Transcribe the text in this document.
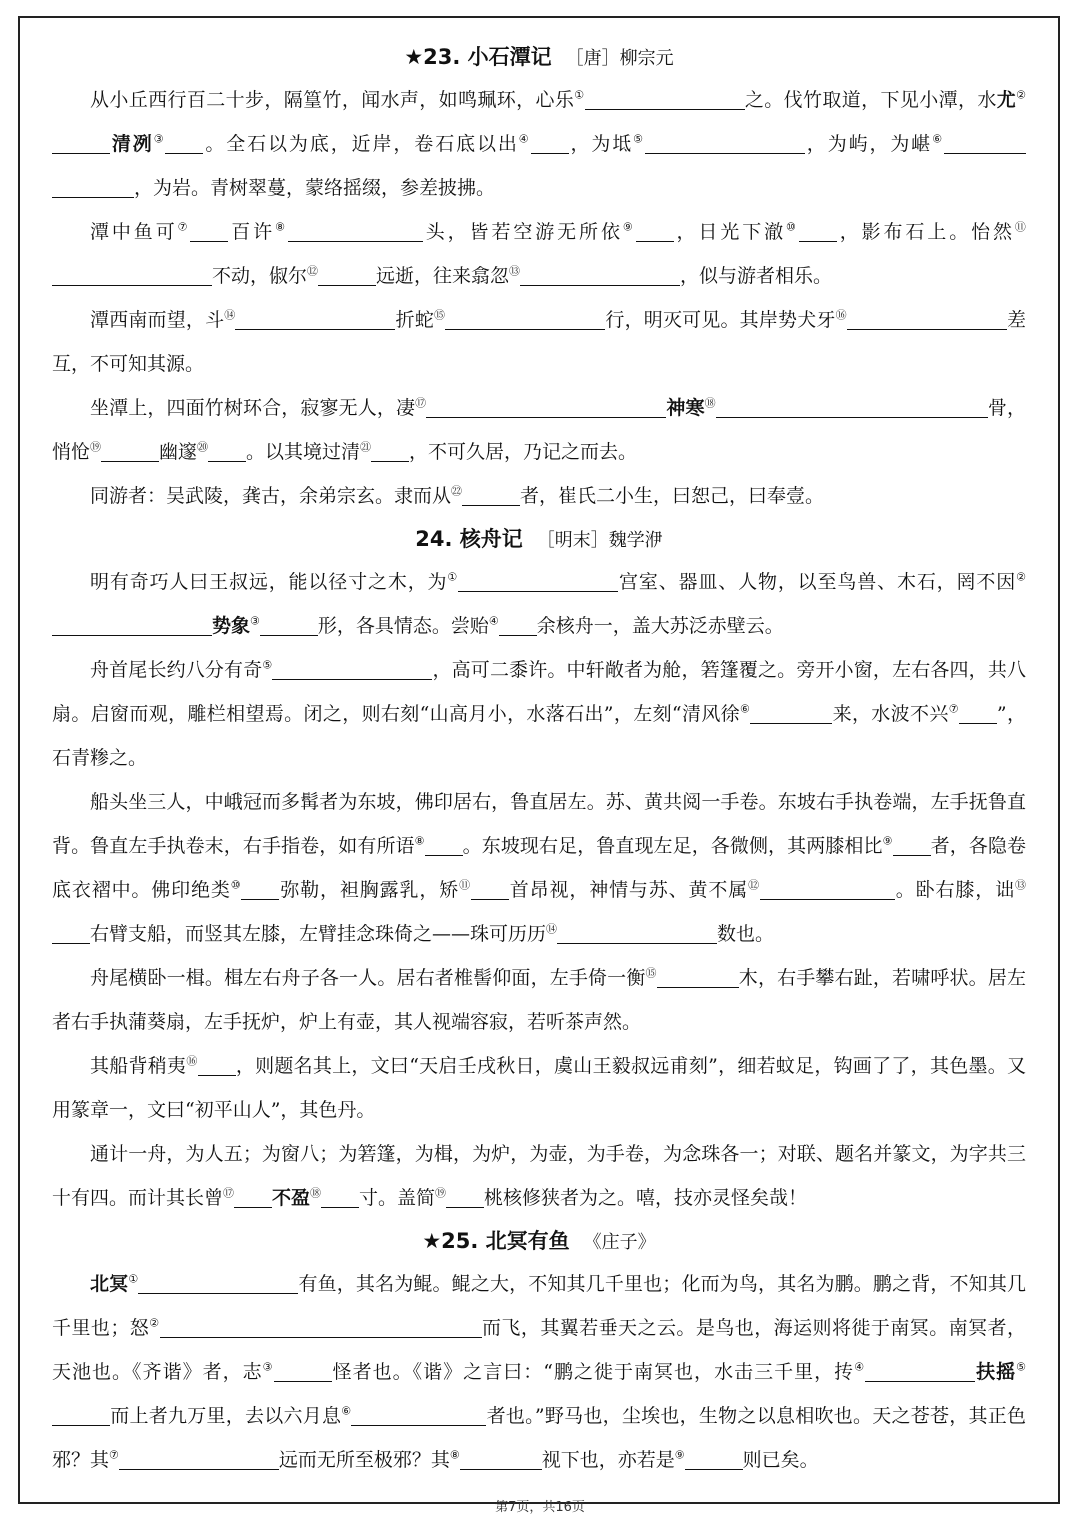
★23. 小石潭记 ［唐］柳宗元

从小丘西行百二十步，隔篁竹，闻水声，如鸣珮环，心乐①	之。伐竹取道，下见小潭，水尤②清冽③ 。全石以为底，近岸，卷石底以出④ ，为坻⑤	，为屿，为嵁⑥，为岩。青树翠蔓，蒙络摇缀，参差披拂。

潭中鱼可⑦ 百许⑧	头，皆若空游无所依⑨ ，日光下澈⑩ ，影布石上。怡然⑪不动，俶尔⑫	远逝，往来翕忽⑬	，似与游者相乐。

潭西南而望，斗⑭	折蛇⑮	行，明灭可见。其岸势犬牙⑯	差互，不可知其源。

坐潭上，四面竹树环合，寂寥无人，凄⑰	神寒⑱	骨，悄怆⑲	幽邃⑳ 。以其境过清$^㉑$ ，不可久居，乃记之而去。

同游者：吴武陵，龚古，余弟宗玄。隶而从$^㉒$	者，崔氏二小生，曰恕己，曰奉壹。

24. 核舟记 ［明末］魏学洢

明有奇巧人曰王叔远，能以径寸之木，为①	宫室、器皿、人物，以至鸟兽、木石，罔不因②势象③	形，各具情态。尝贻④ 余核舟一，盖大苏泛赤壁云。

舟首尾长约八分有奇⑤	，高可二黍许。中轩敞者为舱，箬篷覆之。旁开小窗，左右各四，共八扇。启窗而观，雕栏相望焉。闭之，则右刻“山高月小，水落石出”，左刻“清风徐⑥	来，水波不兴⑦ ”，石青糁之。

船头坐三人，中峨冠而多髯者为东坡，佛印居右，鲁直居左。苏、黄共阅一手卷。东坡右手执卷端，左手抚鲁直背。鲁直左手执卷末，右手指卷，如有所语⑧ 。东坡现右足，鲁直现左足，各微侧，其两膝相比⑨ 者，各隐卷底衣褶中。佛印绝类⑩ 弥勒，袒胸露乳，矫⑪ 首昂视，神情与苏、黄不属⑫	。卧右膝，诎⑬右臂支船，而竖其左膝，左臂挂念珠倚之——珠可历历⑭	数也。

舟尾横卧一楫。楫左右舟子各一人。居右者椎髻仰面，左手倚一衡⑮	木，右手攀右趾，若啸呼状。居左者右手执蒲葵扇，左手抚炉，炉上有壶，其人视端容寂，若听茶声然。

其船背稍夷⑯ ，则题名其上，文曰“天启壬戌秋日，虞山王毅叔远甫刻”，细若蚊足，钩画了了，其色墨。又用篆章一，文曰“初平山人”，其色丹。

通计一舟，为人五；为窗八；为箬篷，为楫，为炉，为壶，为手卷，为念珠各一；对联、题名并篆文，为字共三十有四。而计其长曾⑰ 不盈⑱ 寸。盖简⑲ 桃核修狭者为之。嘻，技亦灵怪矣哉！

★25. 北冥有鱼 《庄子》

北冥①	有鱼，其名为鲲。鲲之大，不知其几千里也；化而为鸟，其名为鹏。鹏之背，不知其几千里也；怒②	而飞，其翼若垂天之云。是鸟也，海运则将徙于南冥。南冥者，天池也。《齐谐》者，志③	怪者也。《谐》之言曰：“鹏之徙于南冥也，水击三千里，抟④	扶摇⑤而上者九万里，去以六月息⑥	者也。”野马也，尘埃也，生物之以息相吹也。天之苍苍，其正色邪？其⑦	远而无所至极邪？其⑧	视下也，亦若是⑨	则已矣。

第7页，共16页
